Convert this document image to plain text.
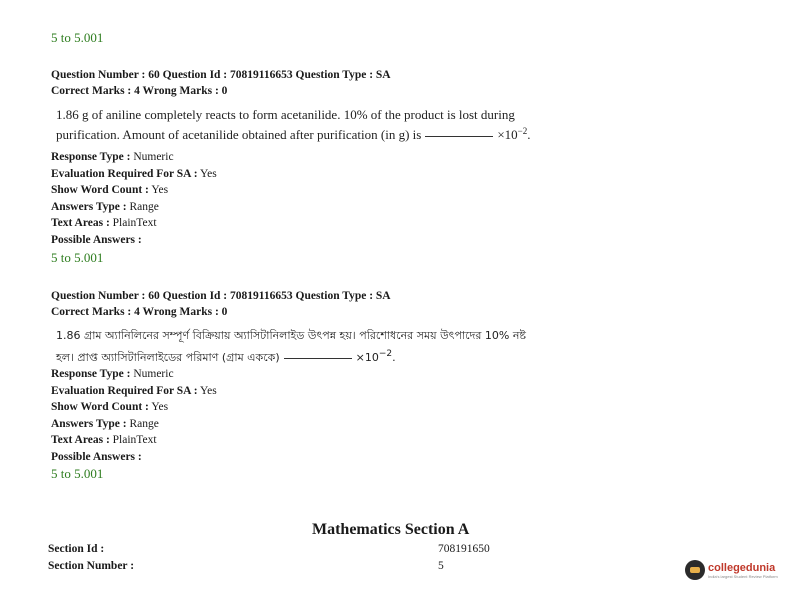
5 to 5.001
Question Number : 60 Question Id : 70819116653 Question Type : SA
Correct Marks : 4 Wrong Marks : 0
1.86 g of aniline completely reacts to form acetanilide. 10% of the product is lost during
purification. Amount of acetanilide obtained after purification (in g) is	$\times 10^{-2}$.
Response Type : Numeric
Evaluation Required For SA : Yes
Show Word Count : Yes
Answers Type : Range
Text Areas : PlainText
Possible Answers :
5 to 5.001
Question Number : 60 Question Id : 70819116653 Question Type : SA
Correct Marks : 4 Wrong Marks : 0
1.86 গ্রাম অ্যানিলিনের সম্পূর্ণ বিক্রিয়ায় অ্যাসিটানিলাইড উৎপন্ন হয়। পরিশোধনের সময় উৎপাদের 10% নষ্ট
হল। প্রাপ্ত অ্যাসিটানিলাইডের পরিমাণ (গ্রাম এককে)	$\times 10^{-2}$.
Response Type : Numeric
Evaluation Required For SA : Yes
Show Word Count : Yes
Answers Type : Range
Text Areas : PlainText
Possible Answers :
5 to 5.001
Mathematics Section A
Section Id :	708191650
Section Number :	5	collegedunia
India's largest Student Review Platform
